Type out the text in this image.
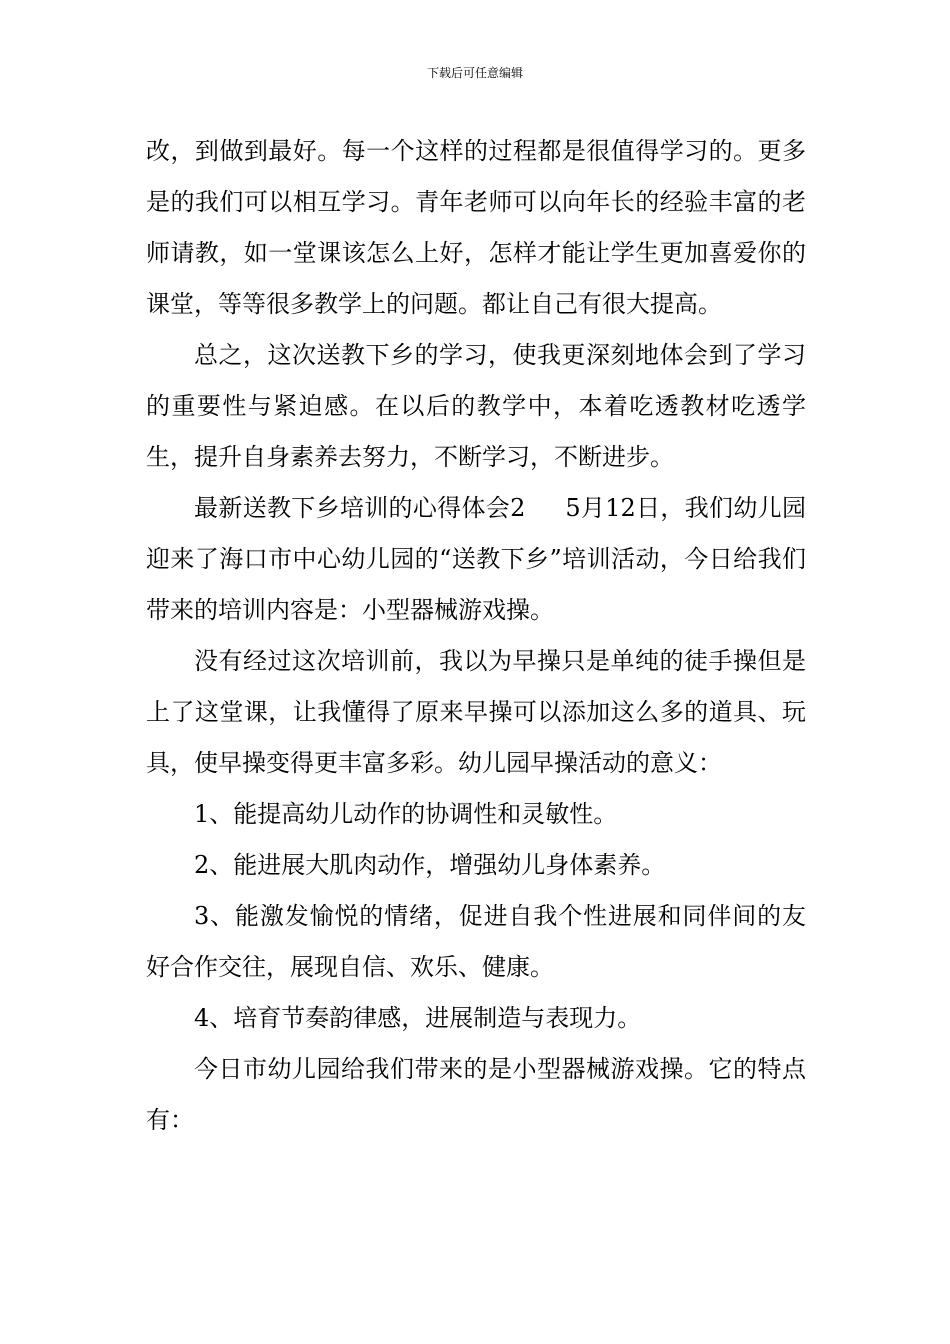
下载后可任意编辑

改，到做到最好。每一个这样的过程都是很值得学习的。更多是的我们可以相互学习。青年老师可以向年长的经验丰富的老师请教，如一堂课该怎么上好，怎样才能让学生更加喜爱你的课堂，等等很多教学上的问题。都让自己有很大提高。

总之，这次送教下乡的学习，使我更深刻地体会到了学习的重要性与紧迫感。在以后的教学中，本着吃透教材吃透学生，提升自身素养去努力，不断学习，不断进步。

最新送教下乡培训的心得体会2 5月12日，我们幼儿园迎来了海口市中心幼儿园的“送教下乡”培训活动，今日给我们带来的培训内容是：小型器械游戏操。

没有经过这次培训前，我以为早操只是单纯的徒手操但是上了这堂课，让我懂得了原来早操可以添加这么多的道具、玩具，使早操变得更丰富多彩。幼儿园早操活动的意义：

1、能提高幼儿动作的协调性和灵敏性。

2、能进展大肌肉动作，增强幼儿身体素养。

3、能激发愉悦的情绪，促进自我个性进展和同伴间的友好合作交往，展现自信、欢乐、健康。

4、培育节奏韵律感，进展制造与表现力。

今日市幼儿园给我们带来的是小型器械游戏操。它的特点有：
